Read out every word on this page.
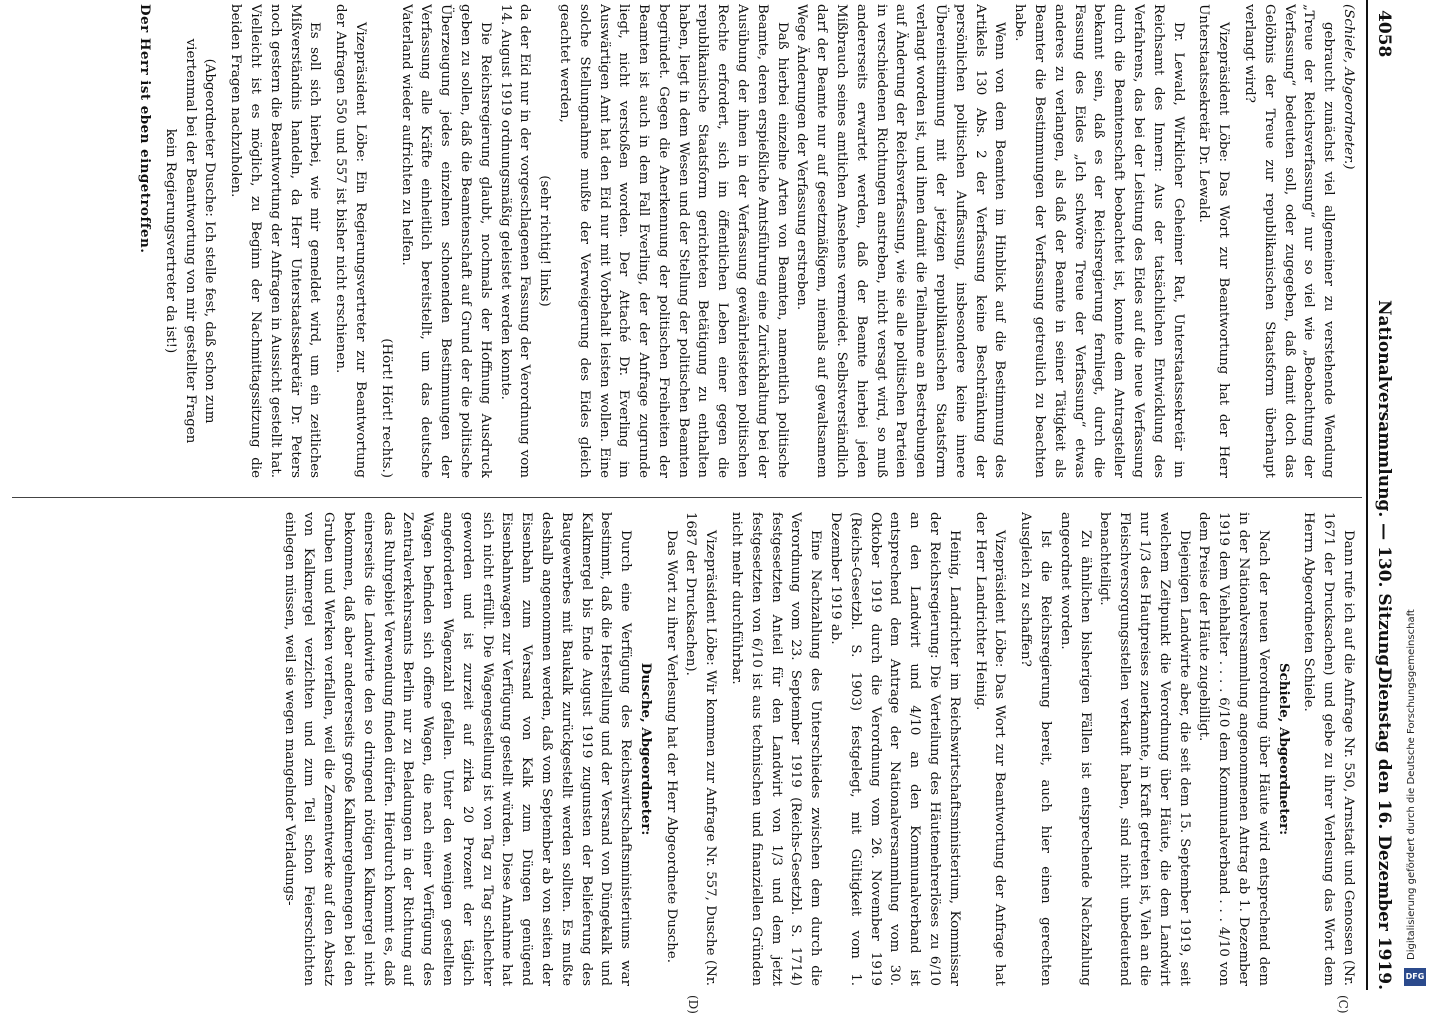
4058
Nationalversammlung. — 130. Sitzung.
Dienstag den 16. Dezember 1919.
(C)
(D)

(Schiele, Abgeordneter.)

gebraucht zunächst viel allgemeiner zu verstehende Wendung „Treue der Reichsverfassung“ nur so viel wie „Beobachtung der Verfassung“ bedeuten soll, oder zugegeben, daß damit doch das Gelöbnis der Treue zur republikanischen Staatsform überhaupt verlangt wird?

Vizepräsident Löbe: Das Wort zur Beantwortung hat der Herr Unterstaatssekretär Dr. Lewald.

Dr. Lewald, Wirklicher Geheimer Rat, Unterstaatssekretär im Reichsamt des Innern: Aus der tatsächlichen Entwicklung des Verfahrens, das bei der Leistung des Eides auf die neue Verfassung durch die Beamtenschaft beobachtet ist, konnte dem Antragsteller bekannt sein, daß es der Reichsregierung fernliegt, durch die Fassung des Eides „Ich schwöre Treue der Verfassung“ etwas anderes zu verlangen, als daß der Beamte in seiner Tätigkeit als Beamter die Bestimmungen der Verfassung getreulich zu beachten habe.

Wenn von dem Beamten im Hinblick auf die Bestimmung des Artikels 130 Abs. 2 der Verfassung keine Beschränkung der persönlichen politischen Auffassung, insbesondere keine innere Übereinstimmung mit der jetzigen republikanischen Staatsform verlangt worden ist, und ihnen damit die Teilnahme an Bestrebungen auf Änderung der Reichsverfassung, wie sie alle politischen Parteien in verschiedenen Richtungen anstreben, nicht versagt wird, so muß andererseits erwartet werden, daß der Beamte hierbei jeden Mißbrauch seines amtlichen Ansehens vermeidet. Selbstverständlich darf der Beamte nur auf gesetzmäßigem, niemals auf gewaltsamem Wege Änderungen der Verfassung erstreben.

Daß hierbei einzelne Arten von Beamten, namentlich politische Beamte, deren erspießliche Amtsführung eine Zurückhaltung bei der Ausübung der ihnen in der Verfassung gewährleisteten politischen Rechte erfordert, sich im öffentlichen Leben einer gegen die republikanische Staatsform gerichteten Betätigung zu enthalten haben, liegt in dem Wesen und der Stellung der politischen Beamten begründet. Gegen die Anerkennung der politischen Freiheiten der Beamten ist auch in dem Fall Everling, der der Anfrage zugrunde liegt, nicht verstoßen worden. Der Attaché Dr. Everling im Auswärtigen Amt hat den Eid nur mit Vorbehalt leisten wollen. Eine solche Stellungnahme mußte der Verweigerung des Eides gleich geachtet werden,

(sehr richtig! links)

da der Eid nur in der vorgeschlagenen Fassung der Verordnung vom 14. August 1919 ordnungsmäßig geleistet werden konnte.

Die Reichsregierung glaubt, nochmals der Hoffnung Ausdruck geben zu sollen, daß die Beamtenschaft auf Grund der die politische Überzeugung jedes einzelnen schonenden Bestimmungen der Verfassung alle Kräfte einheitlich bereitstellt, um das deutsche Vaterland wieder aufrichten zu helfen.

(Hört! Hört! rechts.)

Vizepräsident Löbe: Ein Regierungsvertreter zur Beantwortung der Anfragen 550 und 557 ist bisher nicht erschienen.

Es soll sich hierbei, wie mir gemeldet wird, um ein zeitliches Mißverständnis handeln, da Herr Unterstaatssekretär Dr. Peters noch gestern die Beantwortung der Anfragen in Aussicht gestellt hat. Vielleicht ist es möglich, zu Beginn der Nachmittagssitzung die beiden Fragen nachzuholen.

(Abgeordneter Dusche: Ich stelle fest, daß schon zum viertenmal bei der Beantwortung von mir gestellter Fragen kein Regierungsvertreter da ist!)

Der Herr ist eben eingetroffen.

Dann rufe ich auf die Anfrage Nr. 550, Arnstadt und Genossen (Nr. 1671 der Drucksachen) und gebe zu ihrer Verlesung das Wort dem Herrn Abgeordneten Schiele.

Schiele, Abgeordneter:

Nach der neuen Verordnung über Häute wird entsprechend dem in der Nationalversammlung angenommenen Antrag ab 1. Dezember 1919 dem Viehhalter . . . . 6/10 dem Kommunalverband . . . 4/10 von dem Preise der Häute zugebilligt.

Diejenigen Landwirte aber, die seit dem 15. September 1919, seit welchem Zeitpunkt die Verordnung über Häute, die dem Landwirt nur 1/3 des Hautpreises zuerkannte, in Kraft getreten ist, Vieh an die Fleischversorgungsstellen verkauft haben, sind nicht unbedeutend benachteiligt.

Zu ähnlichen bisherigen Fällen ist entsprechende Nachzahlung angeordnet worden.

Ist die Reichsregierung bereit, auch hier einen gerechten Ausgleich zu schaffen?

Vizepräsident Löbe: Das Wort zur Beantwortung der Anfrage hat der Herr Landrichter Heinig.

Heinig, Landrichter im Reichswirtschaftsministerium, Kommissar der Reichsregierung: Die Verteilung des Häutemehrerlöses zu 6/10 an den Landwirt und 4/10 an den Kommunalverband ist entsprechend dem Antrage der Nationalversammlung vom 30. Oktober 1919 durch die Verordnung vom 26. November 1919 (Reichs-Gesetzbl. S. 1903) festgelegt, mit Gültigkeit vom 1. Dezember 1919 ab.

Eine Nachzahlung des Unterschiedes zwischen dem durch die Verordnung vom 23. September 1919 (Reichs-Gesetzbl. S. 1714) festgesetzten Anteil für den Landwirt von 1/3 und dem jetzt festgesetzten von 6/10 ist aus technischen und finanziellen Gründen nicht mehr durchführbar.

Vizepräsident Löbe: Wir kommen zur Anfrage Nr. 557, Dusche (Nr. 1687 der Drucksachen).

Das Wort zu ihrer Verlesung hat der Herr Abgeordnete Dusche.

Dusche, Abgeordneter:

Durch eine Verfügung des Reichswirtschaftsministeriums war bestimmt, daß die Herstellung und der Versand von Düngekalk und Kalkmergel bis Ende August 1919 zugunsten der Belieferung des Baugewerbes mit Baukalk zurückgestellt werden sollten. Es mußte deshalb angenommen werden, daß vom September ab von seiten der Eisenbahn zum Versand von Kalk zum Düngen genügend Eisenbahnwagen zur Verfügung gestellt würden. Diese Annahme hat sich nicht erfüllt. Die Wagengestellung ist von Tag zu Tag schlechter geworden und ist zurzeit auf zirka 20 Prozent der täglich angeforderten Wagenzahl gefallen. Unter den wenigen gestellten Wagen befinden sich offene Wagen, die nach einer Verfügung des Zentralverkehrsamts Berlin nur zu Beladungen in der Richtung auf das Ruhrgebiet Verwendung finden dürfen. Hierdurch kommt es, daß einerseits die Landwirte den so dringend nötigen Kalkmergel nicht bekommen, daß aber andererseits große Kalkmergelmengen bei den Gruben und Werken verfallen, weil die Zementwerke auf den Absatz von Kalkmergel verzichten und zum Teil schon Feierschichten einlegen müssen, weil sie wegen mangelnder Verladungs-	Digitalisierung gefördert durch die Deutsche Forschungsgemeinschaft
DFG
